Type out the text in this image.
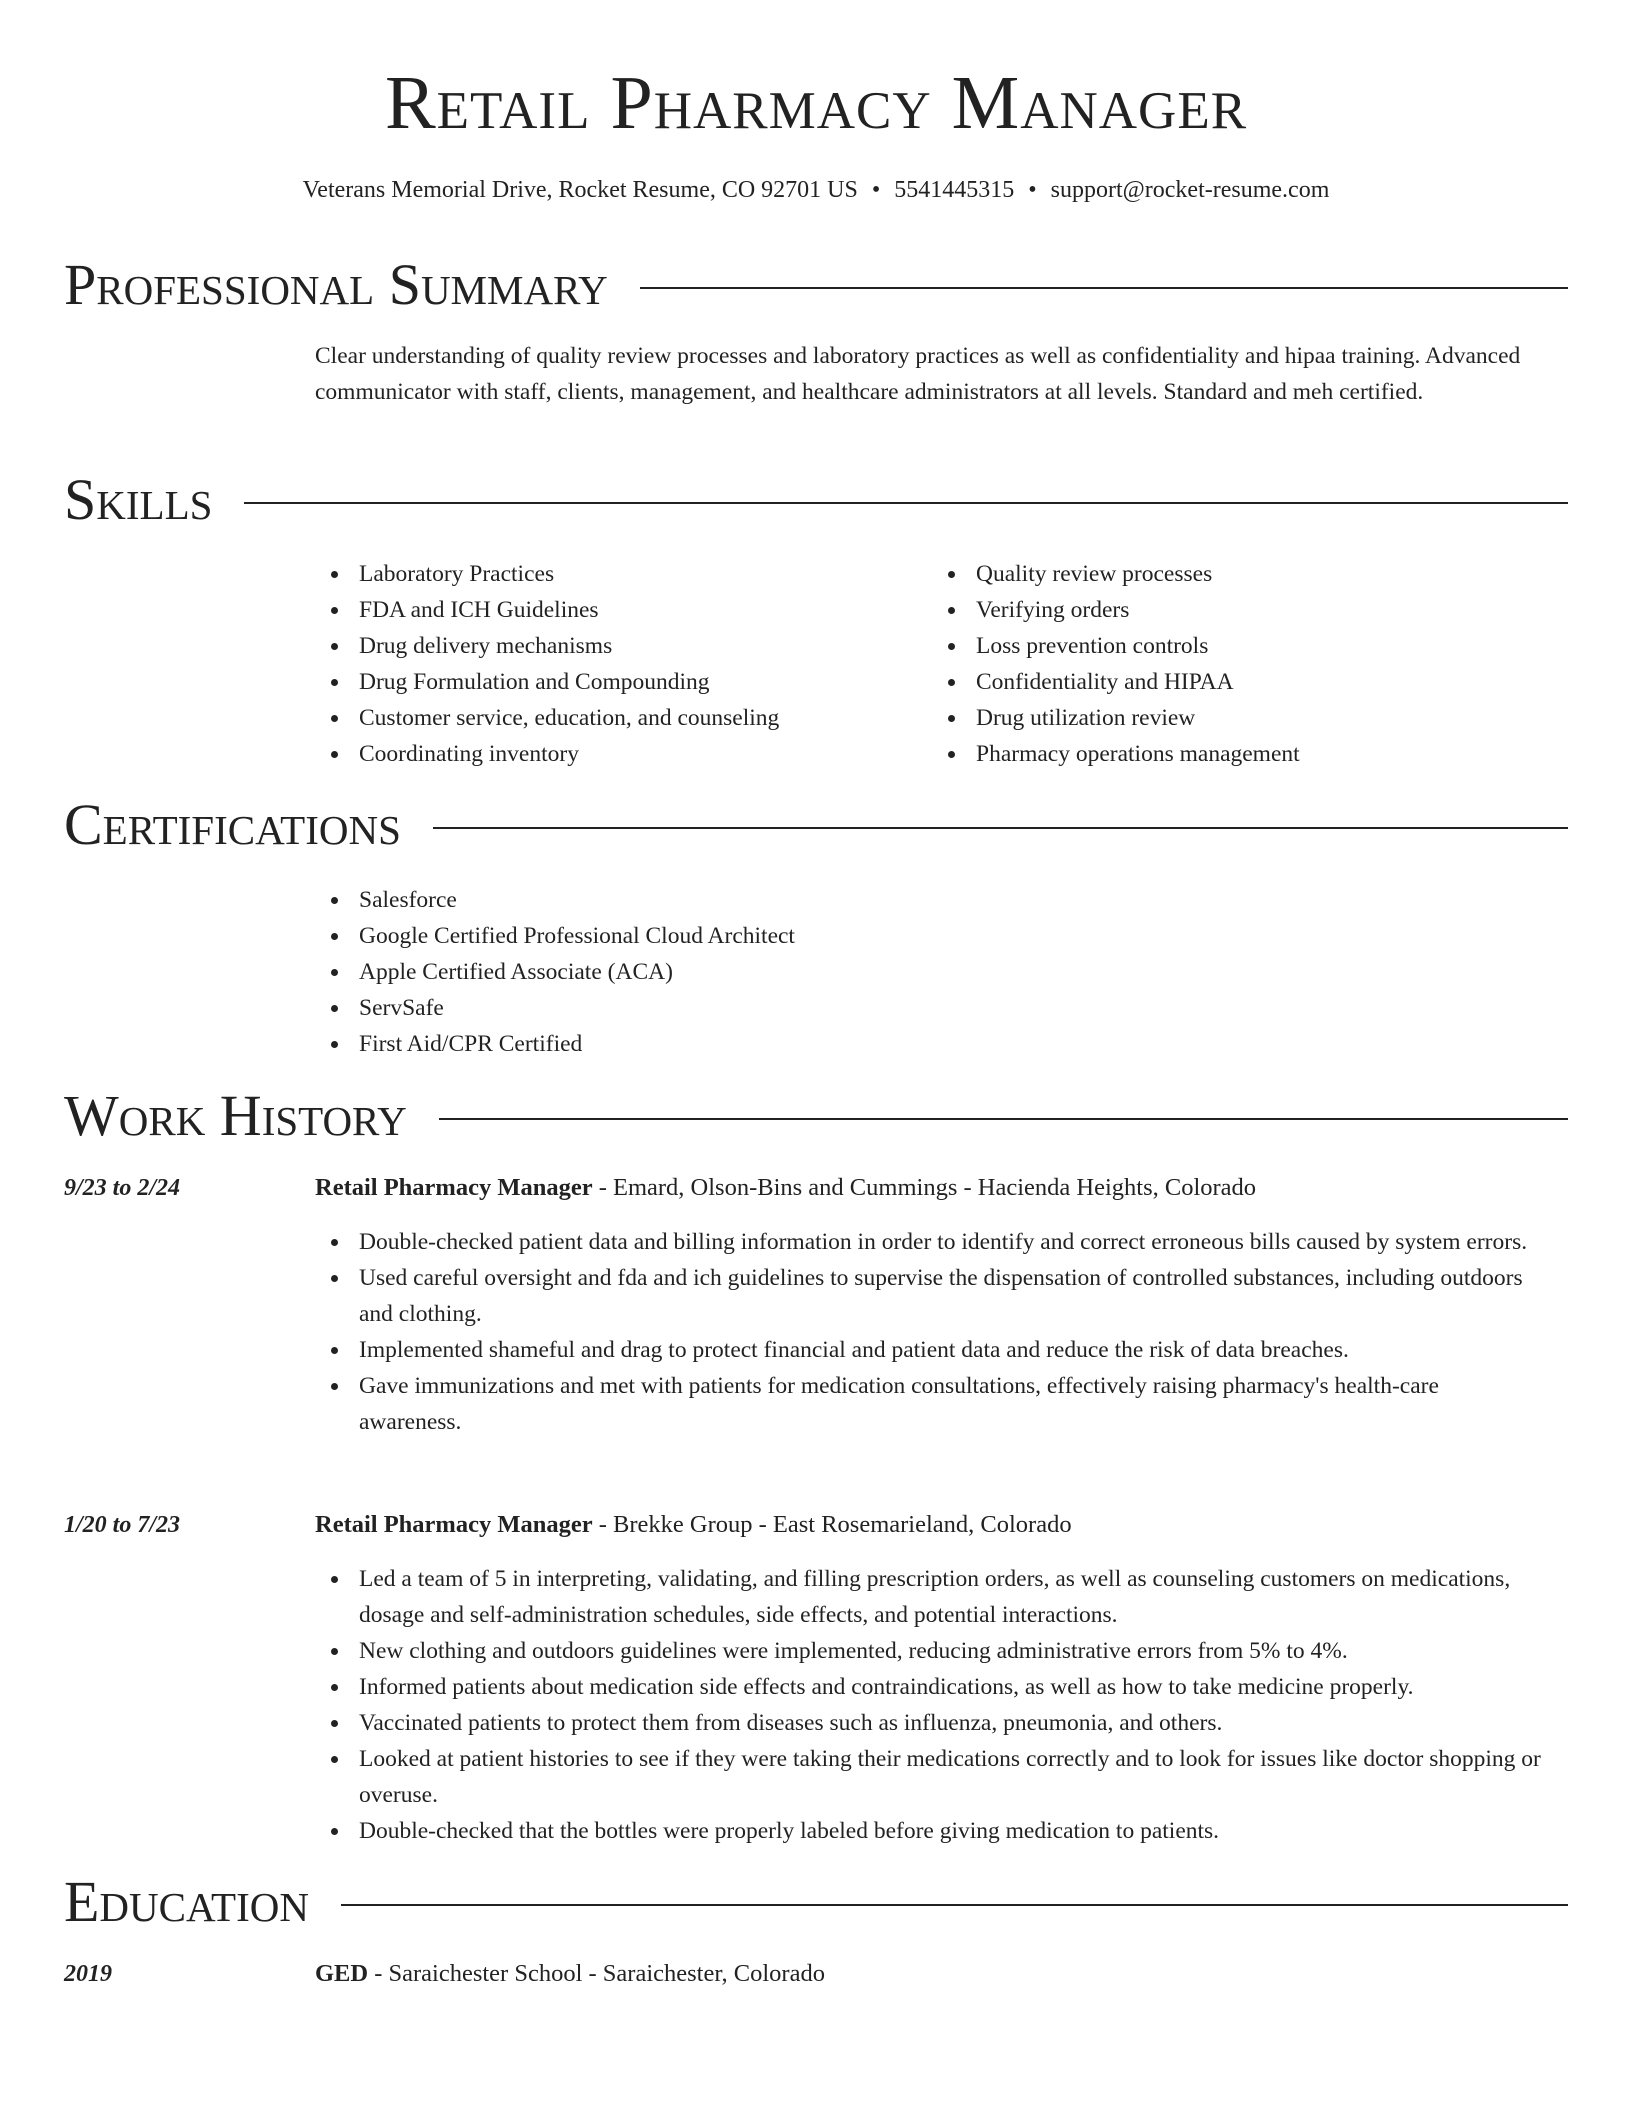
Retail Pharmacy Manager
Veterans Memorial Drive, Rocket Resume, CO 92701 US • 5541445315 • support@rocket-resume.com
Professional Summary

Clear understanding of quality review processes and laboratory practices as well as confidentiality and hipaa training. Advanced communicator with staff, clients, management, and healthcare administrators at all levels. Standard and meh certified.

Skills
Laboratory Practices
FDA and ICH Guidelines
Drug delivery mechanisms
Drug Formulation and Compounding
Customer service, education, and counseling
Coordinating inventory
Quality review processes
Verifying orders
Loss prevention controls
Confidentiality and HIPAA
Drug utilization review
Pharmacy operations management
Certifications
Salesforce
Google Certified Professional Cloud Architect
Apple Certified Associate (ACA)
ServSafe
First Aid/CPR Certified
Work History
9/23 to 2/24	Retail Pharmacy Manager - Emard, Olson-Bins and Cummings - Hacienda Heights, Colorado
Double-checked patient data and billing information in order to identify and correct erroneous bills caused by system errors.
Used careful oversight and fda and ich guidelines to supervise the dispensation of controlled substances, including outdoors and clothing.
Implemented shameful and drag to protect financial and patient data and reduce the risk of data breaches.
Gave immunizations and met with patients for medication consultations, effectively raising pharmacy's health-care awareness.
1/20 to 7/23	Retail Pharmacy Manager - Brekke Group - East Rosemarieland, Colorado
Led a team of 5 in interpreting, validating, and filling prescription orders, as well as counseling customers on medications, dosage and self-administration schedules, side effects, and potential interactions.
New clothing and outdoors guidelines were implemented, reducing administrative errors from 5% to 4%.
Informed patients about medication side effects and contraindications, as well as how to take medicine properly.
Vaccinated patients to protect them from diseases such as influenza, pneumonia, and others.
Looked at patient histories to see if they were taking their medications correctly and to look for issues like doctor shopping or overuse.
Double-checked that the bottles were properly labeled before giving medication to patients.
Education
2019	GED - Saraichester School - Saraichester, Colorado
